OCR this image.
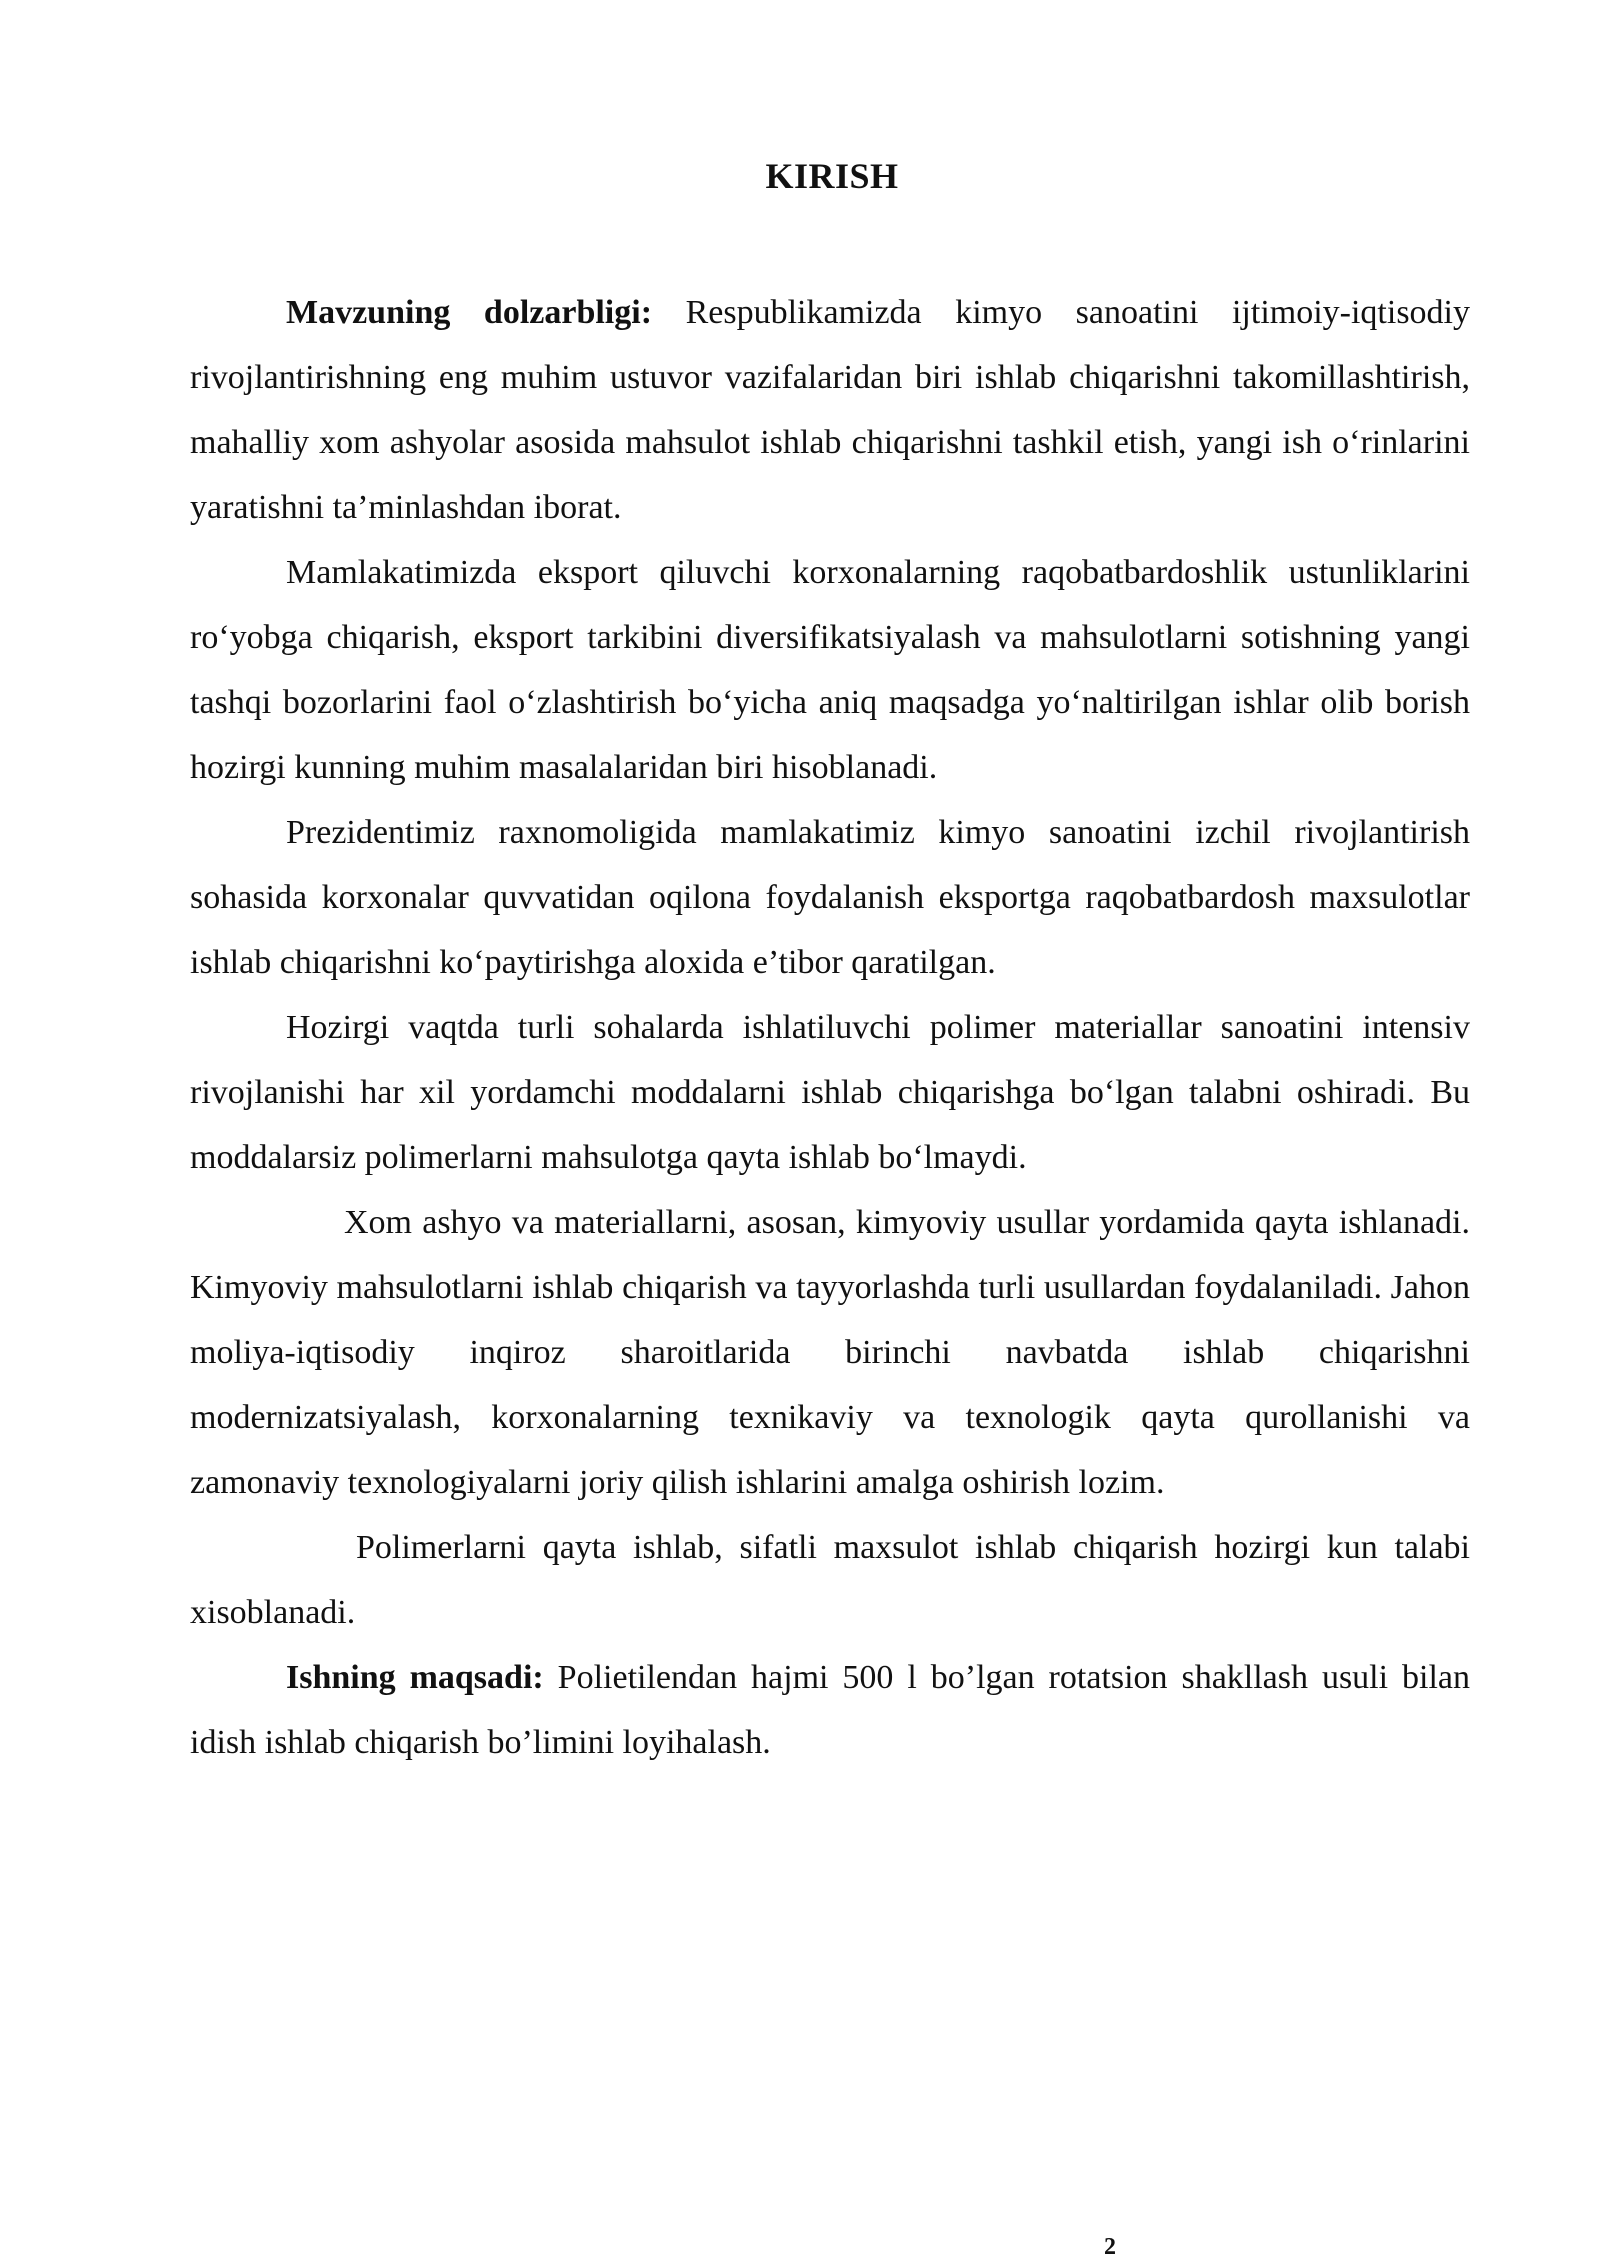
KIRISH

Mavzuning dolzarbligi: Respublikamizda kimyo sanoatini ijtimoiy-iqtisodiy rivojlantirishning eng muhim ustuvor vazifalaridan biri ishlab chiqarishni takomillashtirish, mahalliy xom ashyolar asosida mahsulot ishlab chiqarishni tashkil etish, yangi ish o‘rinlarini yaratishni ta’minlashdan iborat.

Mamlakatimizda eksport qiluvchi korxonalarning raqobatbardoshlik ustunliklarini ro‘yobga chiqarish, eksport tarkibini diversifikatsiyalash va mahsulotlarni sotishning yangi tashqi bozorlarini faol o‘zlashtirish bo‘yicha aniq maqsadga yo‘naltirilgan ishlar olib borish hozirgi kunning muhim masalalaridan biri hisoblanadi.

Prezidentimiz raxnomoligida mamlakatimiz kimyo sanoatini izchil rivojlantirish sohasida korxonalar quvvatidan oqilona foydalanish eksportga raqobatbardosh maxsulotlar ishlab chiqarishni ko‘paytirishga aloxida e’tibor qaratilgan.

Hozirgi vaqtda turli sohalarda ishlatiluvchi polimer materiallar sanoatini intensiv rivojlanishi har xil yordamchi moddalarni ishlab chiqarishga bo‘lgan talabni oshiradi. Bu moddalarsiz polimerlarni mahsulotga qayta ishlab bo‘lmaydi.

Xom ashyo va materiallarni, asosan, kimyoviy usullar yordamida qayta ishlanadi. Kimyoviy mahsulotlarni ishlab chiqarish va tayyorlashda turli usullardan foydalaniladi. Jahon moliya-iqtisodiy inqiroz sharoitlarida birinchi navbatda ishlab chiqarishni modernizatsiyalash, korxonalarning texnikaviy va texnologik qayta qurollanishi va zamonaviy texnologiyalarni joriy qilish ishlarini amalga oshirish lozim.

Polimerlarni qayta ishlab, sifatli maxsulot ishlab chiqarish hozirgi kun talabi xisoblanadi.

Ishning maqsadi: Polietilendan hajmi 500 l bo’lgan rotatsion shakllash usuli bilan idish ishlab chiqarish bo’limini loyihalash.

2
